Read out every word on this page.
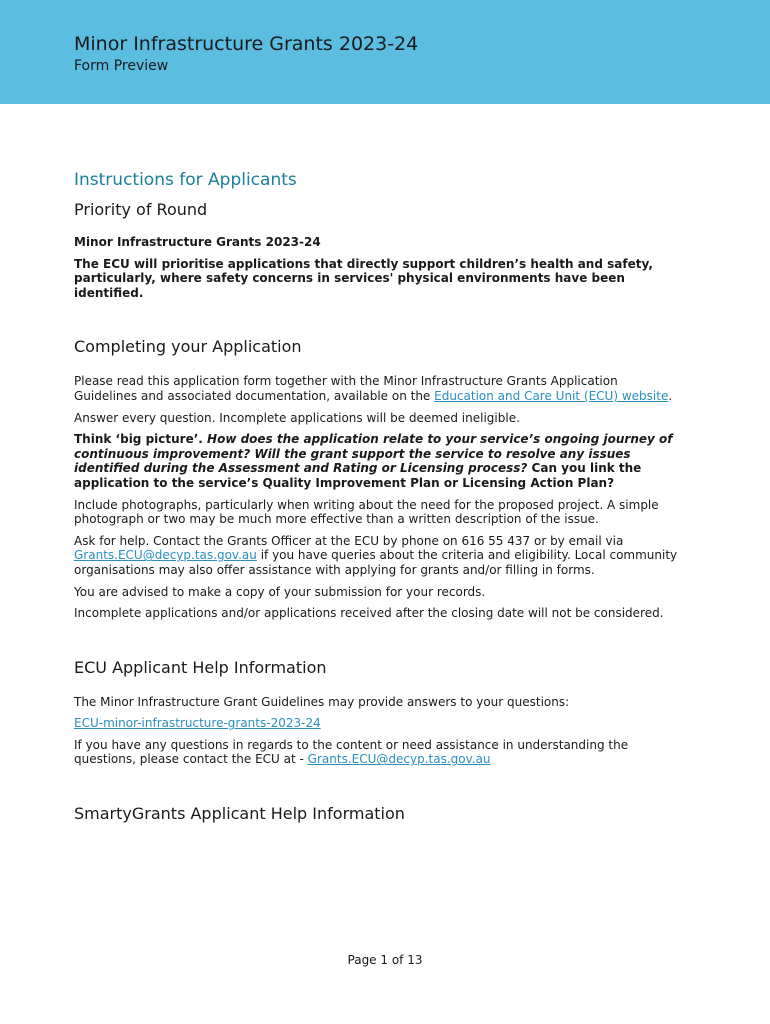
Minor Infrastructure Grants 2023-24
Form Preview
Instructions for Applicants
Priority of Round

Minor Infrastructure Grants 2023-24

The ECU will prioritise applications that directly support children’s health and safety, particularly, where safety concerns in services' physical environments have been identified.

Completing your Application

Please read this application form together with the Minor Infrastructure Grants Application Guidelines and associated documentation, available on the Education and Care Unit (ECU) website.

Answer every question. Incomplete applications will be deemed ineligible.

Think ‘big picture’. How does the application relate to your service’s ongoing journey of continuous improvement? Will the grant support the service to resolve any issues identified during the Assessment and Rating or Licensing process? Can you link the application to the service’s Quality Improvement Plan or Licensing Action Plan?

Include photographs, particularly when writing about the need for the proposed project. A simple photograph or two may be much more effective than a written description of the issue.

Ask for help. Contact the Grants Officer at the ECU by phone on 616 55 437 or by email via Grants.ECU@decyp.tas.gov.au if you have queries about the criteria and eligibility. Local community organisations may also offer assistance with applying for grants and/or filling in forms.

You are advised to make a copy of your submission for your records.

Incomplete applications and/or applications received after the closing date will not be considered.

ECU Applicant Help Information

The Minor Infrastructure Grant Guidelines may provide answers to your questions:

ECU-minor-infrastructure-grants-2023-24

If you have any questions in regards to the content or need assistance in understanding the questions, please contact the ECU at - Grants.ECU@decyp.tas.gov.au

SmartyGrants Applicant Help Information
Page 1 of 13
